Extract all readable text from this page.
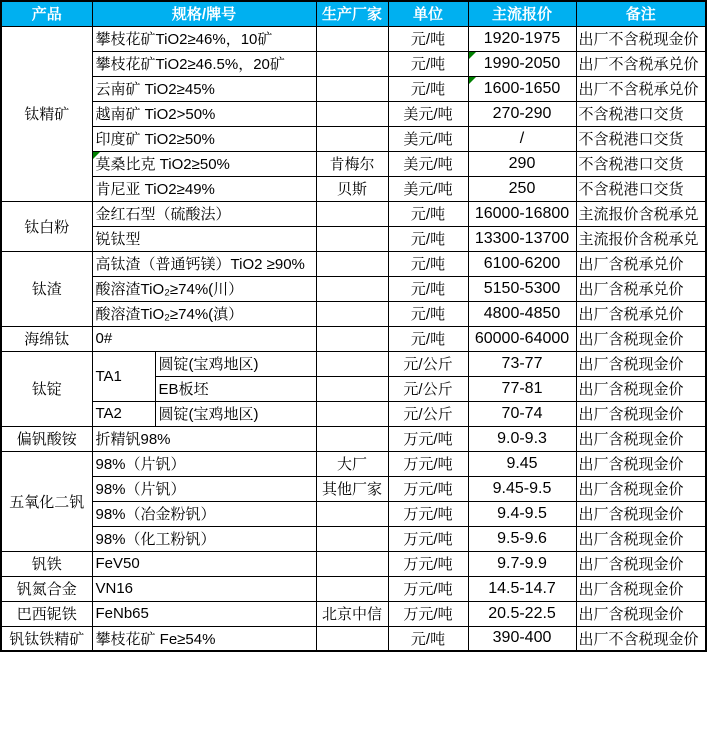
产品	规格/牌号		生产厂家	单位	主流报价	备注
钛精矿	攀枝花矿TiO2≥46%，10矿			元/吨	1920-1975	出厂不含税现金价
	攀枝花矿TiO2≥46.5%，20矿			元/吨	1990-2050	出厂不含税承兑价
	云南矿 TiO2≥45%			元/吨	1600-1650	出厂不含税承兑价
	越南矿 TiO2>50%			美元/吨	270-290	不含税港口交货
	印度矿 TiO2≥50%			美元/吨	/	不含税港口交货
	莫桑比克 TiO2≥50%		肯梅尔	美元/吨	290	不含税港口交货
	肯尼亚 TiO2≥49%		贝斯	美元/吨	250	不含税港口交货
钛白粉	金红石型（硫酸法）			元/吨	16000-16800	主流报价含税承兑
	锐钛型			元/吨	13300-13700	主流报价含税承兑
钛渣	高钛渣（普通钙镁）TiO2 ≥90%			元/吨	6100-6200	出厂含税承兑价
	酸溶渣TiO₂≥74%(川）			元/吨	5150-5300	出厂含税承兑价
	酸溶渣TiO₂≥74%(滇）			元/吨	4800-4850	出厂含税承兑价
海绵钛	0#			元/吨	60000-64000	出厂含税现金价
钛锭	TA1	圆锭(宝鸡地区)		元/公斤	73-77	出厂含税现金价
		EB板坯		元/公斤	77-81	出厂含税现金价
	TA2	圆锭(宝鸡地区)		元/公斤	70-74	出厂含税现金价
偏钒酸铵	折精钒98%			万元/吨	9.0-9.3	出厂含税现金价
五氧化二钒	98%（片钒）		大厂	万元/吨	9.45	出厂含税现金价
	98%（片钒）		其他厂家	万元/吨	9.45-9.5	出厂含税现金价
	98%（冶金粉钒）			万元/吨	9.4-9.5	出厂含税现金价
	98%（化工粉钒）			万元/吨	9.5-9.6	出厂含税现金价
钒铁	FeV50			万元/吨	9.7-9.9	出厂含税现金价
钒氮合金	VN16			万元/吨	14.5-14.7	出厂含税现金价
巴西铌铁	FeNb65		北京中信	万元/吨	20.5-22.5	出厂含税现金价
钒钛铁精矿	攀枝花矿 Fe≥54%			元/吨	390-400	出厂不含税现金价
